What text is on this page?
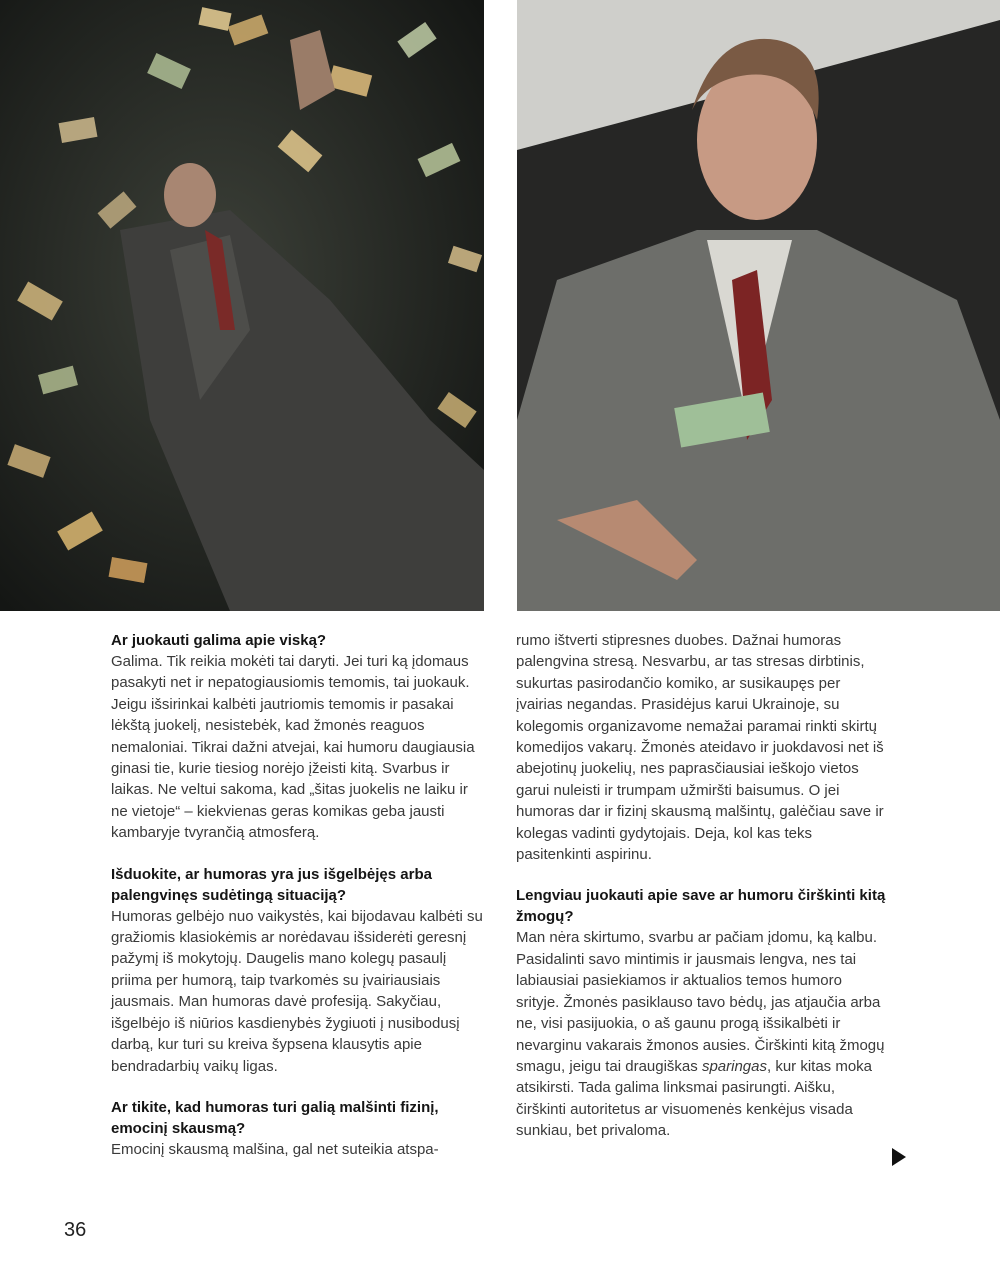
Ar juokauti galima apie viską?

Galima. Tik reikia mokėti tai daryti. Jei turi ką įdomaus pasakyti net ir nepatogiausiomis temomis, tai juokauk. Jeigu išsirinkai kalbėti jautriomis temomis ir pasakai lėkštą juokelį, nesistebėk, kad žmonės reaguos nemaloniai. Tikrai dažni atvejai, kai humoru daugiausia ginasi tie, kurie tiesiog norėjo įžeisti kitą. Svarbus ir laikas. Ne veltui sakoma, kad „šitas juokelis ne laiku ir ne vietoje“ – kiekvienas geras komikas geba jausti kambaryje tvyrančią atmosferą.

Išduokite, ar humoras yra jus išgelbėjęs arba palengvinęs sudėtingą situaciją?

Humoras gelbėjo nuo vaikystės, kai bijodavau kalbėti su gražiomis klasiokėmis ar norėdavau išsiderėti geresnį pažymį iš mokytojų. Daugelis mano kolegų pasaulį priima per humorą, taip tvarkomės su įvairiausiais jausmais. Man humoras davė profesiją. Sakyčiau, išgelbėjo iš niūrios kasdienybės žygiuoti į nusibodusį darbą, kur turi su kreiva šypsena klausytis apie bendradarbių vaikų ligas.

Ar tikite, kad humoras turi galią malšinti fizinį, emocinį skausmą?

Emocinį skausmą malšina, gal net suteikia atspa-

rumo ištverti stipresnes duobes. Dažnai humoras palengvina stresą. Nesvarbu, ar tas stresas dirbtinis, sukurtas pasirodančio komiko, ar susikaupęs per įvairias negandas. Prasidėjus karui Ukrainoje, su kolegomis organizavome nemažai paramai rinkti skirtų komedijos vakarų. Žmonės ateidavo ir juokdavosi net iš abejotinų juokelių, nes paprasčiausiai ieškojo vietos garui nuleisti ir trumpam užmiršti baisumus. O jei humoras dar ir fizinį skausmą malšintų, galėčiau save ir kolegas vadinti gydytojais. Deja, kol kas teks pasitenkinti aspirinu.

Lengviau juokauti apie save ar humoru čirškinti kitą žmogų?

Man nėra skirtumo, svarbu ar pačiam įdomu, ką kalbu. Pasidalinti savo mintimis ir jausmais lengva, nes tai labiausiai pasiekiamos ir aktualios temos humoro srityje. Žmonės pasiklauso tavo bėdų, jas atjaučia arba ne, visi pasijuokia, o aš gaunu progą išsikalbėti ir nevarginu vakarais žmonos ausies. Čirškinti kitą žmogų smagu, jeigu tai draugiškas sparingas, kur kitas moka atsikirsti. Tada galima linksmai pasirungti. Aišku, čirškinti autoritetus ar visuomenės kenkėjus visada sunkiau, bet privaloma.

36
